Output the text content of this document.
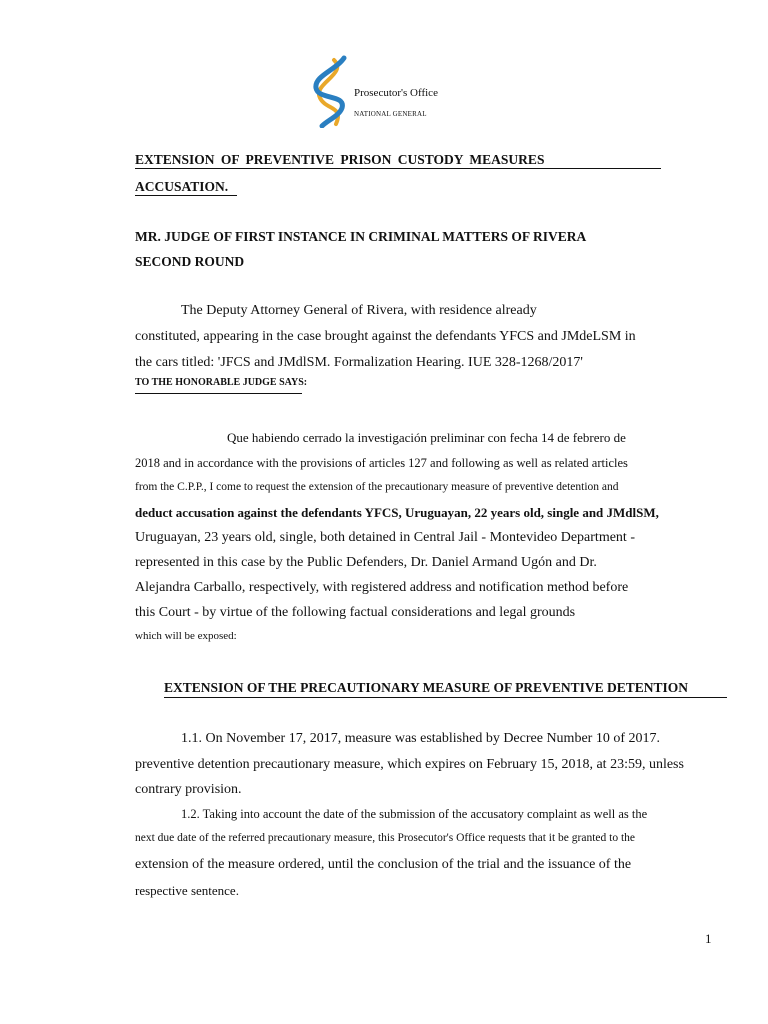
Prosecutor's Office
NATIONAL GENERAL
EXTENSION OF PREVENTIVE PRISON CUSTODY MEASURES
ACCUSATION.
MR. JUDGE OF FIRST INSTANCE IN CRIMINAL MATTERS OF RIVERA
SECOND ROUND
The Deputy Attorney General of Rivera, with residence already
constituted, appearing in the case brought against the defendants YFCS and JMdeLSM in
the cars titled: 'JFCS and JMdlSM. Formalization Hearing. IUE 328-1268/2017'
TO THE HONORABLE JUDGE SAYS:
Que habiendo cerrado la investigación preliminar con fecha 14 de febrero de
2018 and in accordance with the provisions of articles 127 and following as well as related articles
from the C.P.P., I come to request the extension of the precautionary measure of preventive detention and
deduct accusation against the defendants YFCS, Uruguayan, 22 years old, single and JMdlSM,
Uruguayan, 23 years old, single, both detained in Central Jail - Montevideo Department -
represented in this case by the Public Defenders, Dr. Daniel Armand Ugón and Dr.
Alejandra Carballo, respectively, with registered address and notification method before
this Court - by virtue of the following factual considerations and legal grounds
which will be exposed:
EXTENSION OF THE PRECAUTIONARY MEASURE OF PREVENTIVE DETENTION
1.1. On November 17, 2017, measure was established by Decree Number 10 of 2017.
preventive detention precautionary measure, which expires on February 15, 2018, at 23:59, unless
contrary provision.
1.2. Taking into account the date of the submission of the accusatory complaint as well as the
next due date of the referred precautionary measure, this Prosecutor's Office requests that it be granted to the
extension of the measure ordered, until the conclusion of the trial and the issuance of the
respective sentence.
1
